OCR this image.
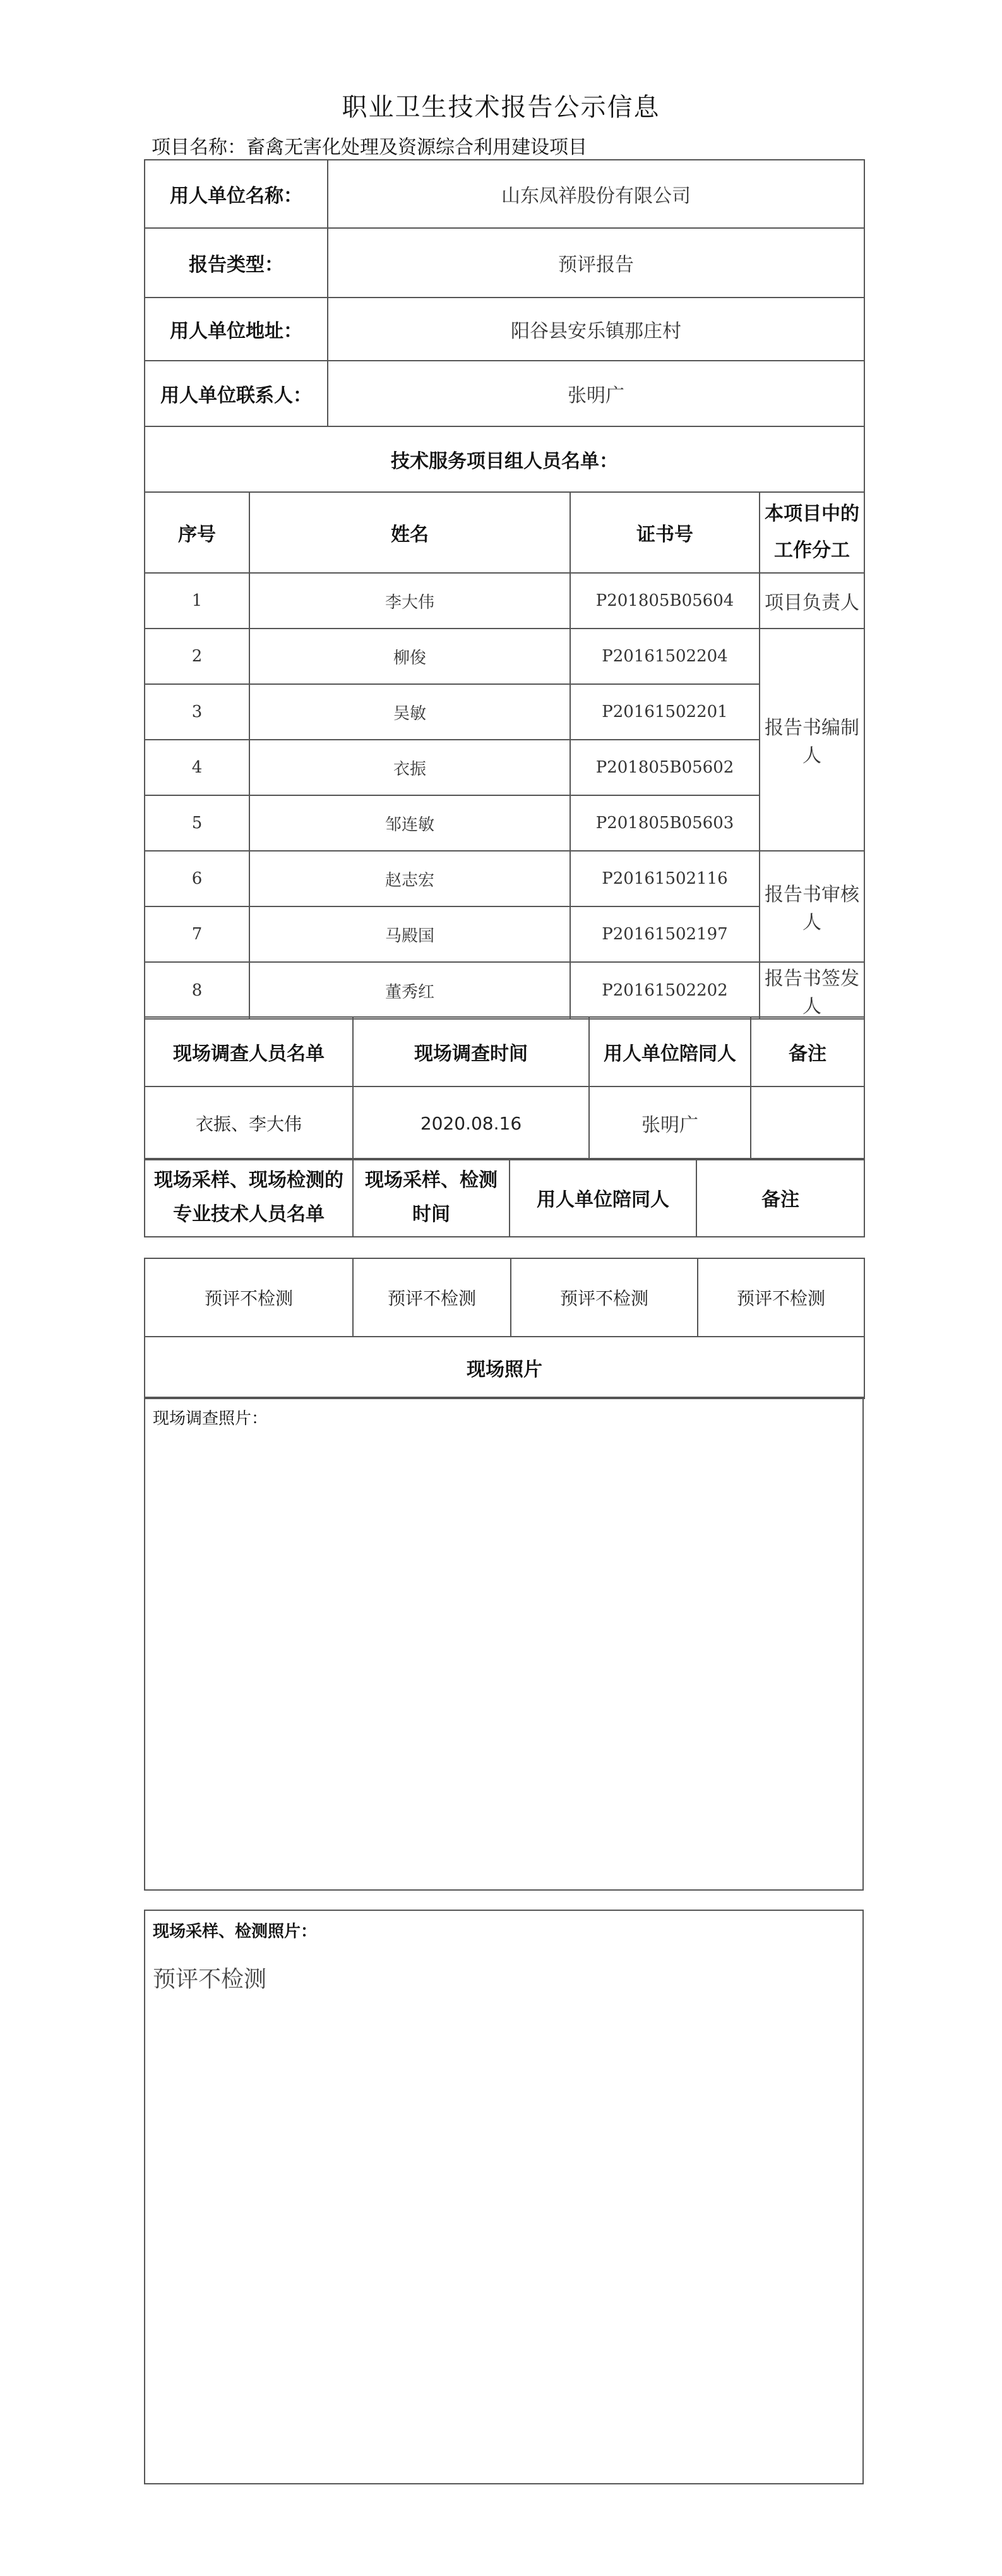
职业卫生技术报告公示信息
项目名称：畜禽无害化处理及资源综合利用建设项目
用人单位名称：		山东凤祥股份有限公司		
报告类型：		预评报告		
用人单位地址：		阳谷县安乐镇那庄村		
用人单位联系人：		张明广		
技术服务项目组人员名单：				
序号	姓名		证书号	本项目中的工作分工
1	李大伟		P201805B05604	项目负责人
2	柳俊		P20161502204	报告书编制人
3	吴敏		P20161502201	
4	衣振		P201805B05602	
5	邹连敏		P201805B05603	
6	赵志宏		P20161502116	报告书审核人
7	马殿国		P20161502197	
8	董秀红		P20161502202	报告书签发人
现场调查人员名单	现场调查时间	用人单位陪同人	备注
衣振、李大伟	2020.08.16	张明广	
现场采样、现场检测的专业技术人员名单	现场采样、检测时间	用人单位陪同人	备注
预评不检测	预评不检测	预评不检测	预评不检测
现场照片
现场调查照片：
现场采样、检测照片：
预评不检测
